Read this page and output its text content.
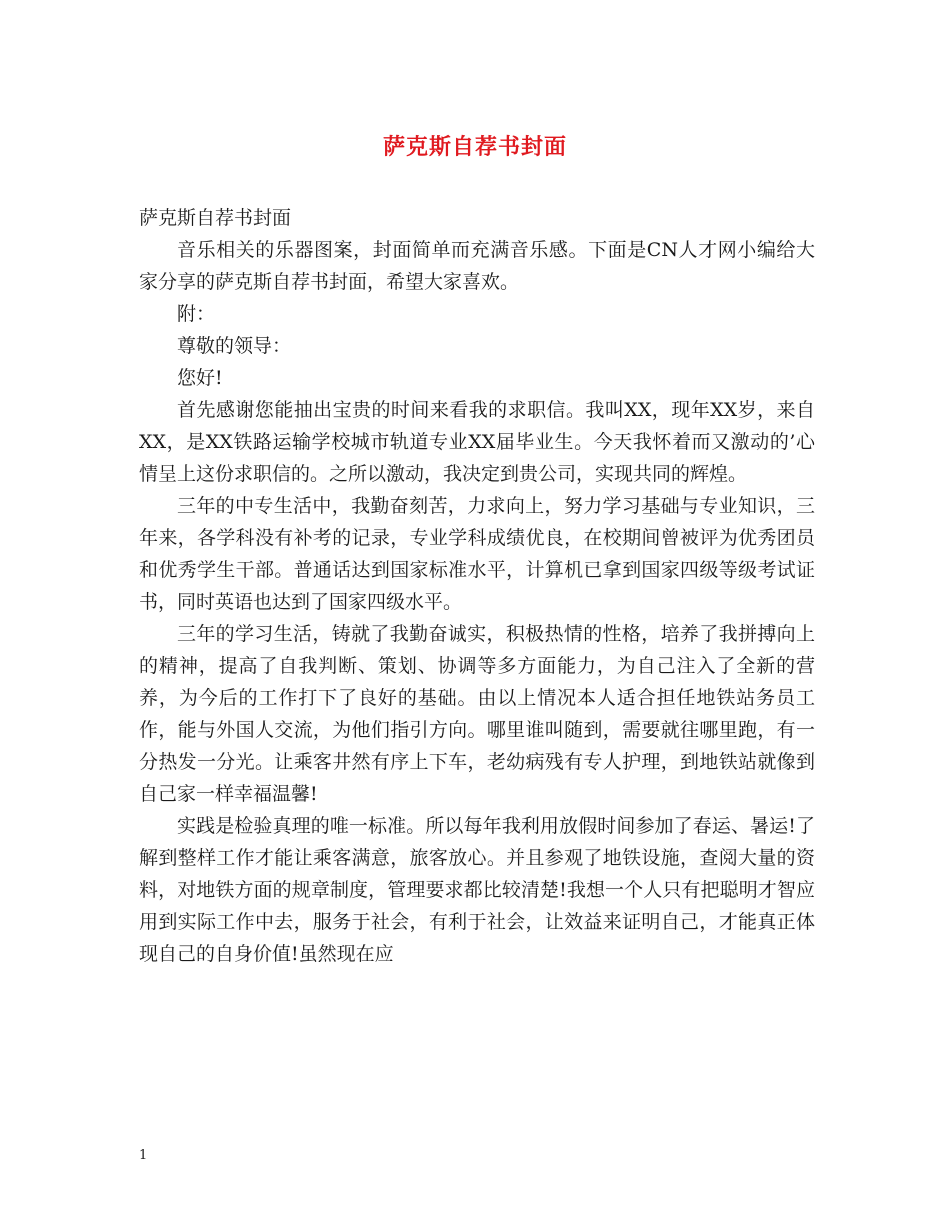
萨克斯自荐书封面

萨克斯自荐书封面

音乐相关的乐器图案，封面简单而充满音乐感。下面是CN人才网小编给大家分享的萨克斯自荐书封面，希望大家喜欢。

附：

尊敬的领导：

您好!

首先感谢您能抽出宝贵的时间来看我的求职信。我叫XX，现年XX岁，来自XX，是XX铁路运输学校城市轨道专业XX届毕业生。今天我怀着而又激动的’心情呈上这份求职信的。之所以激动，我决定到贵公司，实现共同的辉煌。

三年的中专生活中，我勤奋刻苦，力求向上，努力学习基础与专业知识，三年来，各学科没有补考的记录，专业学科成绩优良，在校期间曾被评为优秀团员和优秀学生干部。普通话达到国家标准水平，计算机已拿到国家四级等级考试证书，同时英语也达到了国家四级水平。

三年的学习生活，铸就了我勤奋诚实，积极热情的性格，培养了我拼搏向上的精神，提高了自我判断、策划、协调等多方面能力，为自己注入了全新的营养，为今后的工作打下了良好的基础。由以上情况本人适合担任地铁站务员工作，能与外国人交流，为他们指引方向。哪里谁叫随到，需要就往哪里跑，有一分热发一分光。让乘客井然有序上下车，老幼病残有专人护理，到地铁站就像到自己家一样幸福温馨!

实践是检验真理的唯一标准。所以每年我利用放假时间参加了春运、暑运!了解到整样工作才能让乘客满意，旅客放心。并且参观了地铁设施，查阅大量的资料，对地铁方面的规章制度，管理要求都比较清楚!我想一个人只有把聪明才智应用到实际工作中去，服务于社会，有利于社会，让效益来证明自己，才能真正体现自己的自身价值!虽然现在应

1
